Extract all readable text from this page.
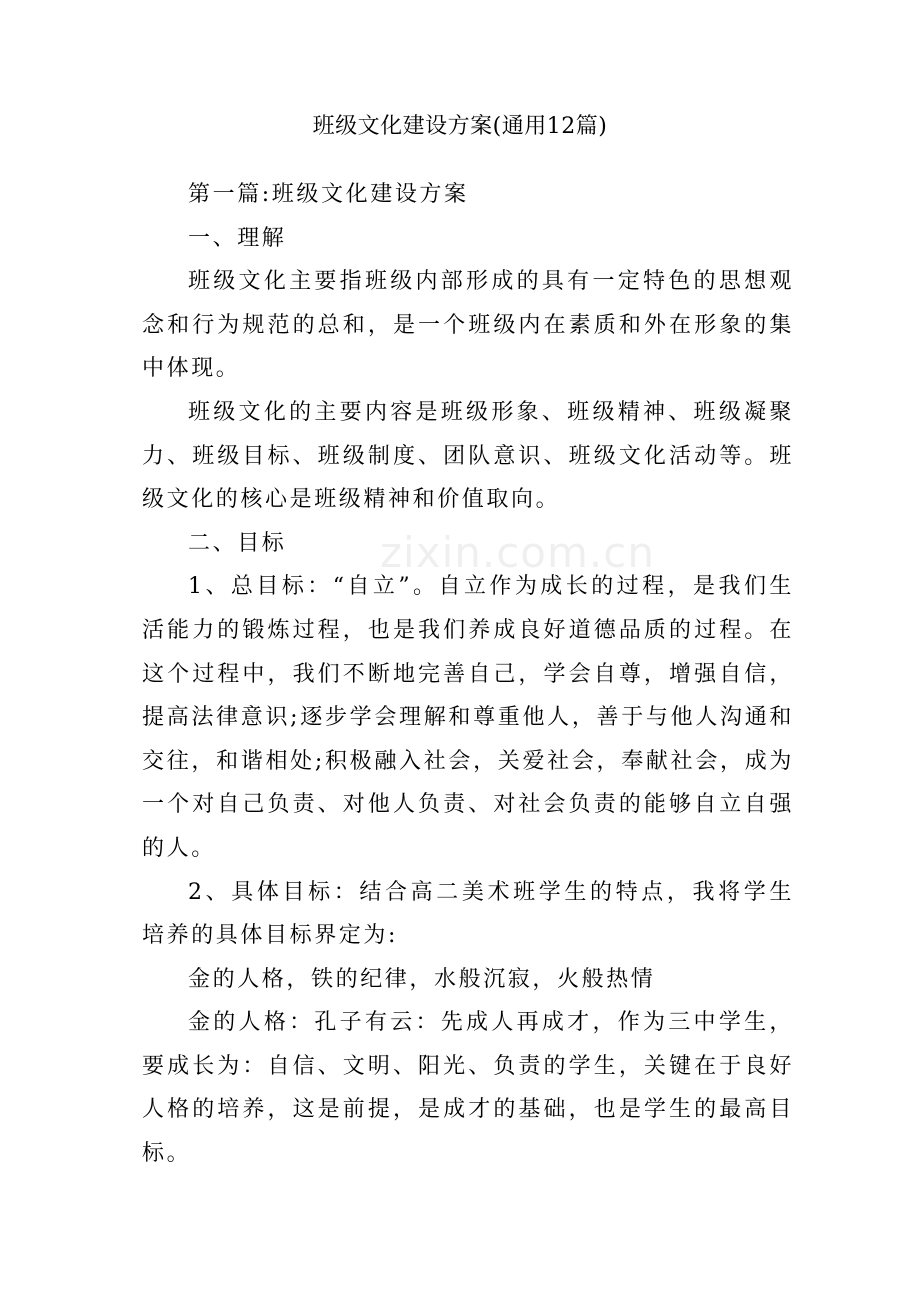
班级文化建设方案(通用12篇)

第一篇:班级文化建设方案

一、理解

班级文化主要指班级内部形成的具有一定特色的思想观念和行为规范的总和，是一个班级内在素质和外在形象的集中体现。

班级文化的主要内容是班级形象、班级精神、班级凝聚力、班级目标、班级制度、团队意识、班级文化活动等。班级文化的核心是班级精神和价值取向。

二、目标

1、总目标：“自立”。自立作为成长的过程，是我们生活能力的锻炼过程，也是我们养成良好道德品质的过程。在这个过程中，我们不断地完善自己，学会自尊，增强自信，提高法律意识;逐步学会理解和尊重他人，善于与他人沟通和交往，和谐相处;积极融入社会，关爱社会，奉献社会，成为一个对自己负责、对他人负责、对社会负责的能够自立自强的人。

2、具体目标：结合高二美术班学生的特点，我将学生培养的具体目标界定为:

金的人格，铁的纪律，水般沉寂，火般热情

金的人格：孔子有云：先成人再成才，作为三中学生，要成长为：自信、文明、阳光、负责的学生，关键在于良好人格的培养，这是前提，是成才的基础，也是学生的最高目标。

zixin.com.cn
